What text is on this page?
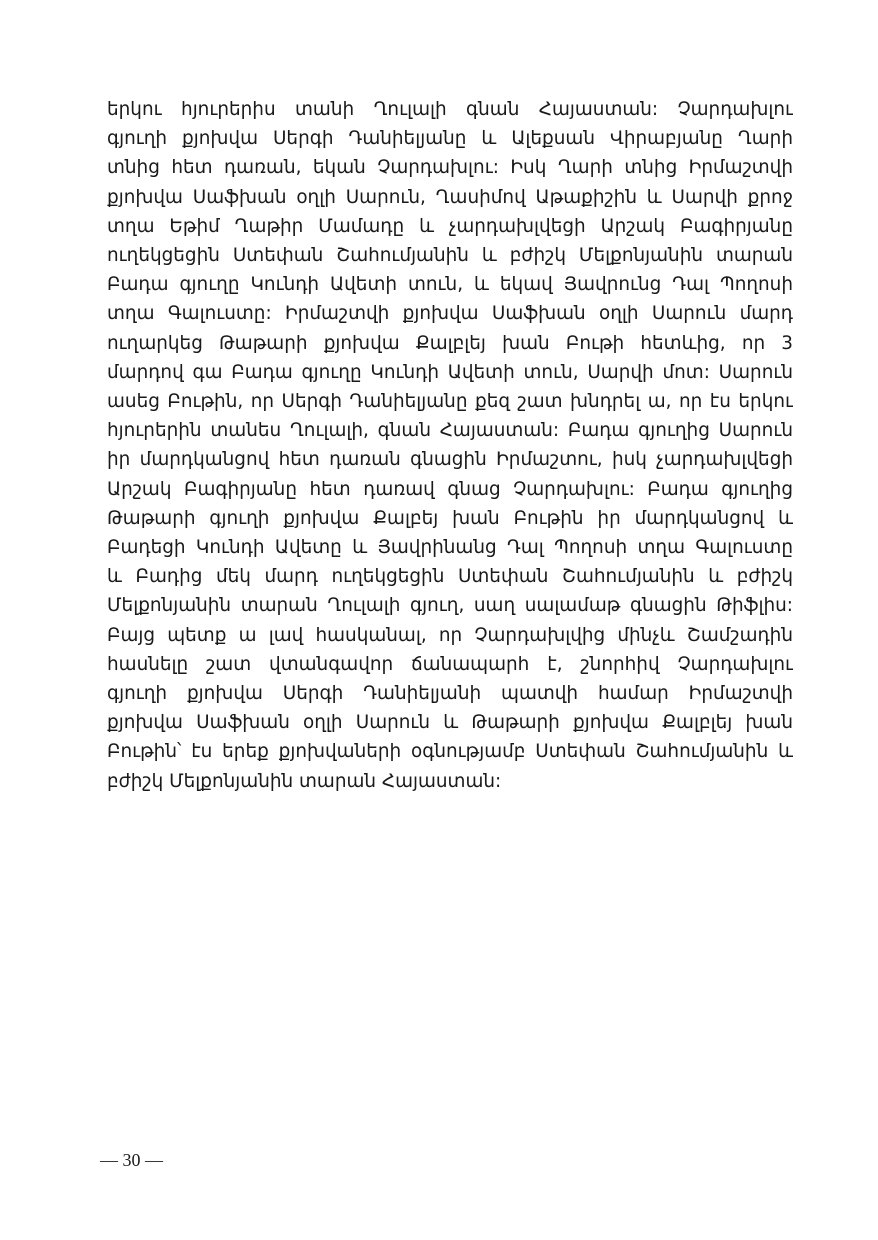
երկու հյուրերիս տանի Ղուլալի գնան Հայաստան: Չարդախլու
գյուղի քյոխվա Սերգի Դանիելյանը և Ալեքսան Վիրաբյանը Ղարի
տնից հետ դառան, եկան Չարդախլու: Իսկ Ղարի տնից Իրմաշտվի
քյոխվա Սաֆխան օղլի Սարուն, Ղասիմով Աթաքիշին և Սարվի քրոջ
տղա Եթիմ Ղաթիր Մամադը և չարդախլվեցի Արշակ Բագիրյանը
ուղեկցեցին Ստեփան Շահումյանին և բժիշկ Մելքոնյանին տարան
Բադա գյուղը Կունդի Ավետի տուն, և եկավ Յավրունց Դալ Պողոսի
տղա Գալուստը: Իրմաշտվի քյոխվա Սաֆխան օղլի Սարուն մարդ
ուղարկեց Թաթարի քյոխվա Քալբլեյ խան Բութի հետևից, որ 3
մարդով գա Բադա գյուղը Կունդի Ավետի տուն, Սարվի մոտ: Սարուն
ասեց Բութին, որ Սերգի Դանիելյանը քեզ շատ խնդրել ա, որ էս երկու
հյուրերին տանես Ղուլալի, գնան Հայաստան: Բադա գյուղից Սարուն
իր մարդկանցով հետ դառան գնացին Իրմաշտու, իսկ չարդախլվեցի
Արշակ Բագիրյանը հետ դառավ գնաց Չարդախլու: Բադա գյուղից
Թաթարի գյուղի քյոխվա Քալբեյ խան Բութին իր մարդկանցով և
Բադեցի Կունդի Ավետը և Յավրինանց Դալ Պողոսի տղա Գալուստը
և Բադից մեկ մարդ ուղեկցեցին Ստեփան Շահումյանին և բժիշկ
Մելքոնյանին տարան Ղուլալի գյուղ, սաղ սալամաթ գնացին Թիֆլիս:
Բայց պետք ա լավ հասկանալ, որ Չարդախլվից մինչև Շամշադին
հասնելը շատ վտանգավոր ճանապարհ է, շնորհիվ Չարդախլու
գյուղի քյոխվա Սերգի Դանիելյանի պատվի համար Իրմաշտվի
քյոխվա Սաֆխան օղլի Սարուն և Թաթարի քյոխվա Քալբլեյ խան
Բութին՝ էս երեք քյոխվաների օգնությամբ Ստեփան Շահումյանին և
բժիշկ Մելքոնյանին տարան Հայաստան:
— 30 —
